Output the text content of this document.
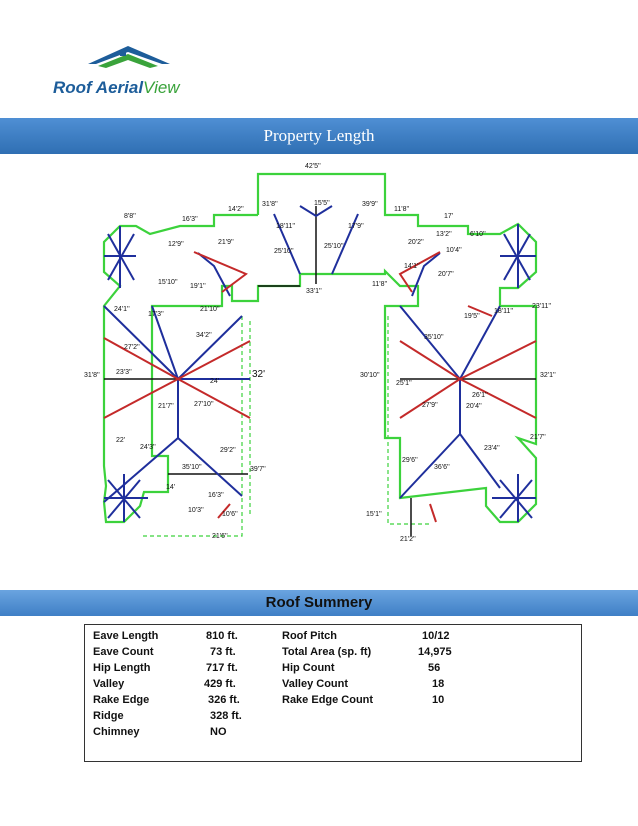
Roof AerialView
Property Length
42'5''
14'2''
31'8''	15'5''	39'9''
11'8''
8'8''	16'3''
18'11''	17'9''
17'
12'9''	21'9''
25'10''
25'10''
20'2''
13'2''	6'10''
10'4''
14'1''
20'7''
19'1''
15'10''
33'1''
11'8''
24'1''	21'10''
17'3''	19'5''
18'11''
23'11''
34'2''	35'10''
27'2''
31'8'' 23'3''
24'
32'	30'10''
25'1''
32'1''
26'1''
21'7''	27'10''	27'9''	20'4''
22'	21'7''
24'3''	29'2''	23'4''
29'6''
35'10''	39'7''	36'6''
14'
16'3''
10'3''
10'6''	15'1''
21'6''	21'2''
Roof Summery
Eave Length	810 ft.
Eave Count	73 ft.
Hip Length	717 ft.
Valley	429 ft.
Rake Edge	326 ft.
Ridge	328 ft.
Chimney	NO
Roof Pitch	10/12
Total Area (sp. ft)	14,975
Hip Count	56
Valley Count	18
Rake Edge Count	10
